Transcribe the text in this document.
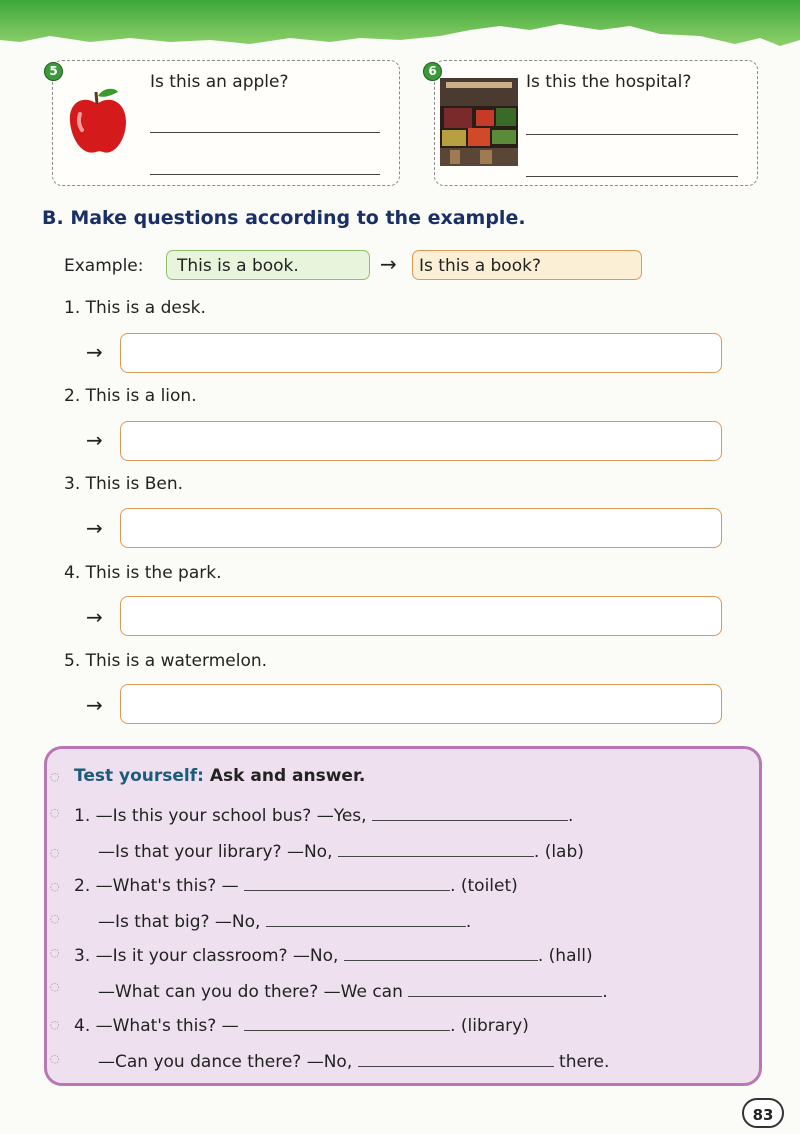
5
Is this an apple?
6
Is this the hospital?
B. Make questions according to the example.
Example:	This is a book.	→	Is this a book?
1. This is a desk.
→
2. This is a lion.
→
3. This is Ben.
→
4. This is the park.
→
5. This is a watermelon.
→
◌
◌
◌
◌
◌
◌
◌
◌
◌
Test yourself: Ask and answer.
1. —Is this your school bus? —Yes,	.
—Is that your library? —No,	. (lab)
2. —What's this? —	. (toilet)
—Is that big? —No,	.
3. —Is it your classroom? —No,	. (hall)
—What can you do there? —We can	.
4. —What's this? —	. (library)
—Can you dance there? —No,	there.
83
